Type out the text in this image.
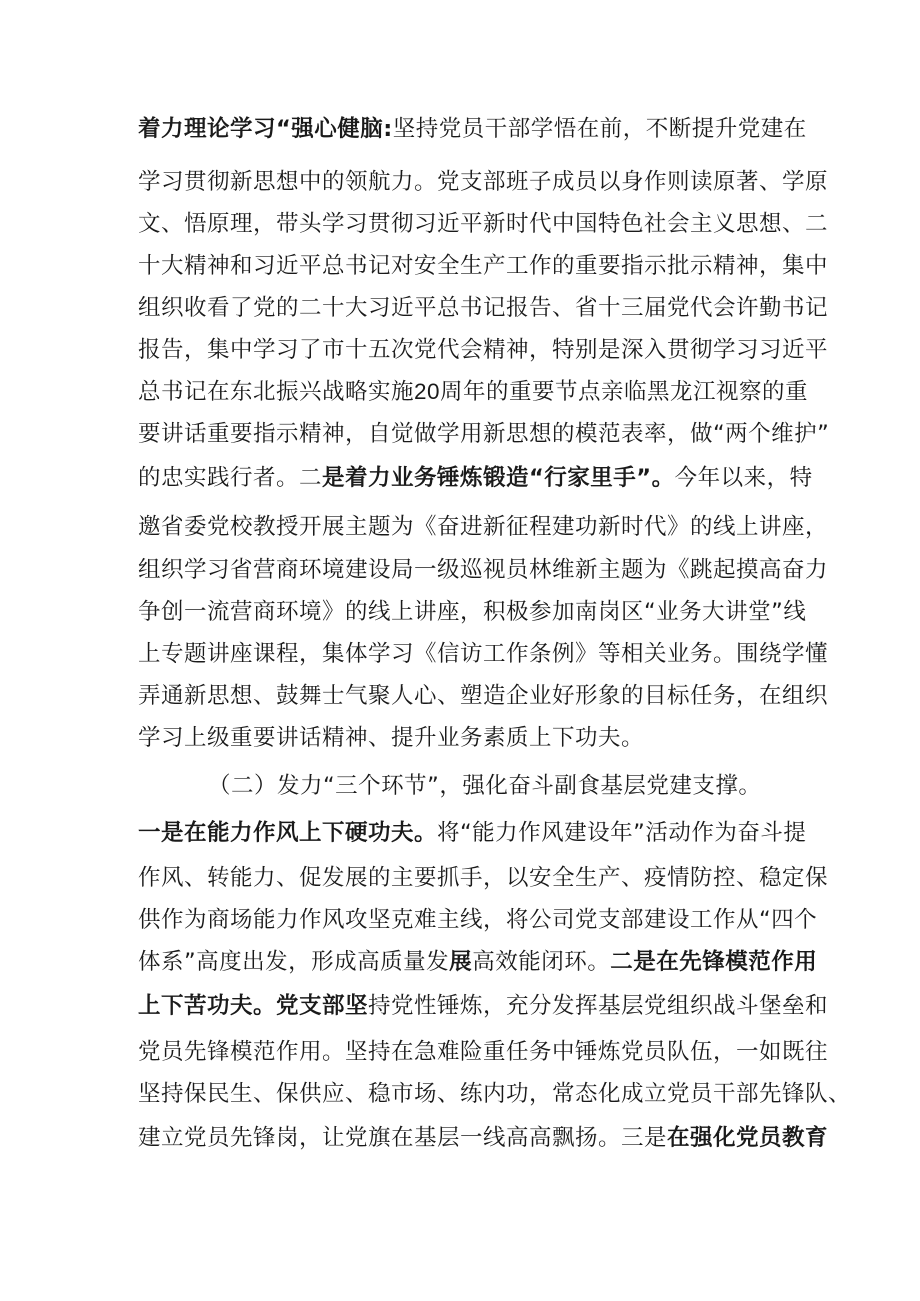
着力理论学习“强心健脑:坚持党员干部学悟在前，不断提升党建在
学习贯彻新思想中的领航力。党支部班子成员以身作则读原著、学原
文、悟原理，带头学习贯彻习近平新时代中国特色社会主义思想、二
十大精神和习近平总书记对安全生产工作的重要指示批示精神，集中
组织收看了党的二十大习近平总书记报告、省十三届党代会许勤书记
报告，集中学习了市十五次党代会精神，特别是深入贯彻学习习近平
总书记在东北振兴战略实施20周年的重要节点亲临黑龙江视察的重
要讲话重要指示精神，自觉做学用新思想的模范表率，做“两个维护”
的忠实践行者。二是着力业务锤炼锻造“行家里手”。今年以来，特
邀省委党校教授开展主题为《奋进新征程建功新时代》的线上讲座，
组织学习省营商环境建设局一级巡视员林维新主题为《跳起摸高奋力
争创一流营商环境》的线上讲座，积极参加南岗区“业务大讲堂”线
上专题讲座课程，集体学习《信访工作条例》等相关业务。围绕学懂
弄通新思想、鼓舞士气聚人心、塑造企业好形象的目标任务，在组织
学习上级重要讲话精神、提升业务素质上下功夫。
（二）发力“三个环节”，强化奋斗副食基层党建支撑。
一是在能力作风上下硬功夫。将“能力作风建设年”活动作为奋斗提
作风、转能力、促发展的主要抓手，以安全生产、疫情防控、稳定保
供作为商场能力作风攻坚克难主线，将公司党支部建设工作从“四个
体系”高度出发，形成高质量发展高效能闭环。二是在先锋模范作用
上下苦功夫。党支部坚持党性锤炼，充分发挥基层党组织战斗堡垒和
党员先锋模范作用。坚持在急难险重任务中锤炼党员队伍，一如既往
坚持保民生、保供应、稳市场、练内功，常态化成立党员干部先锋队、
建立党员先锋岗，让党旗在基层一线高高飘扬。三是在强化党员教育
